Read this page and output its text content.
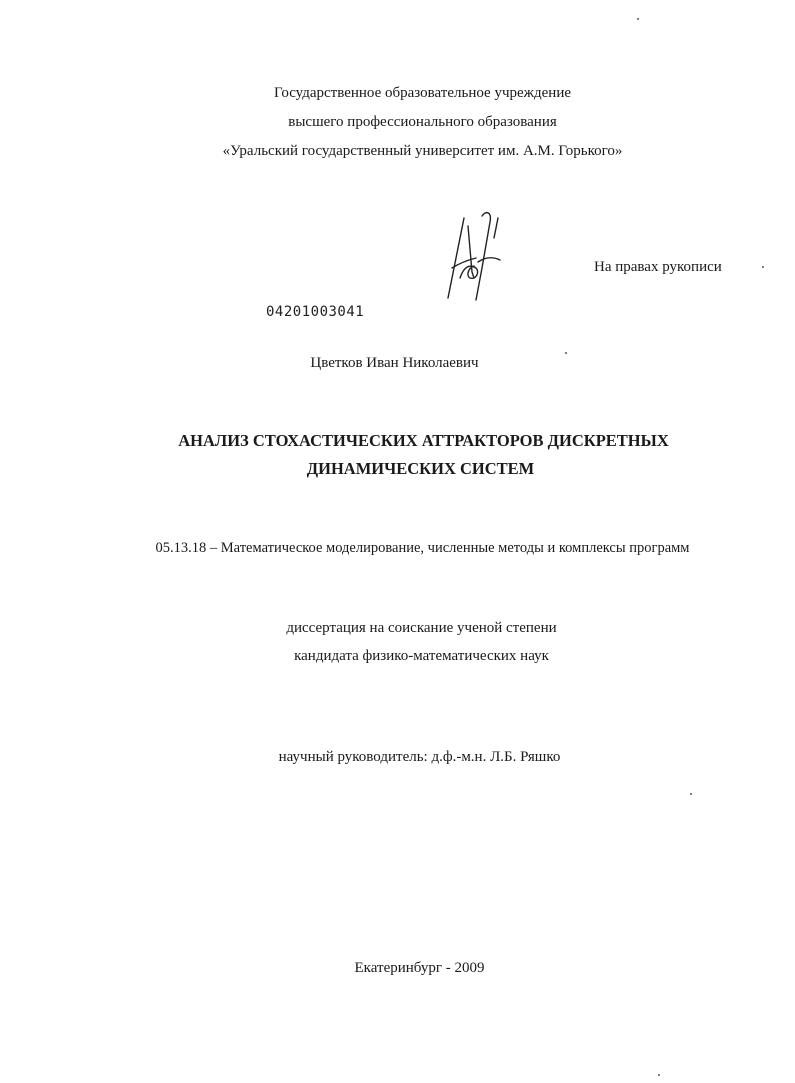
Государственное образовательное учреждение
высшего профессионального образования
«Уральский государственный университет им. А.М. Горького»
На правах рукописи
04201003041
Цветков Иван Николаевич
АНАЛИЗ СТОХАСТИЧЕСКИХ АТТРАКТОРОВ ДИСКРЕТНЫХ
ДИНАМИЧЕСКИХ СИСТЕМ
05.13.18 – Математическое моделирование, численные методы и комплексы программ
диссертация на соискание ученой степени
кандидата физико-математических наук
научный руководитель: д.ф.-м.н. Л.Б. Ряшко
Екатеринбург - 2009
